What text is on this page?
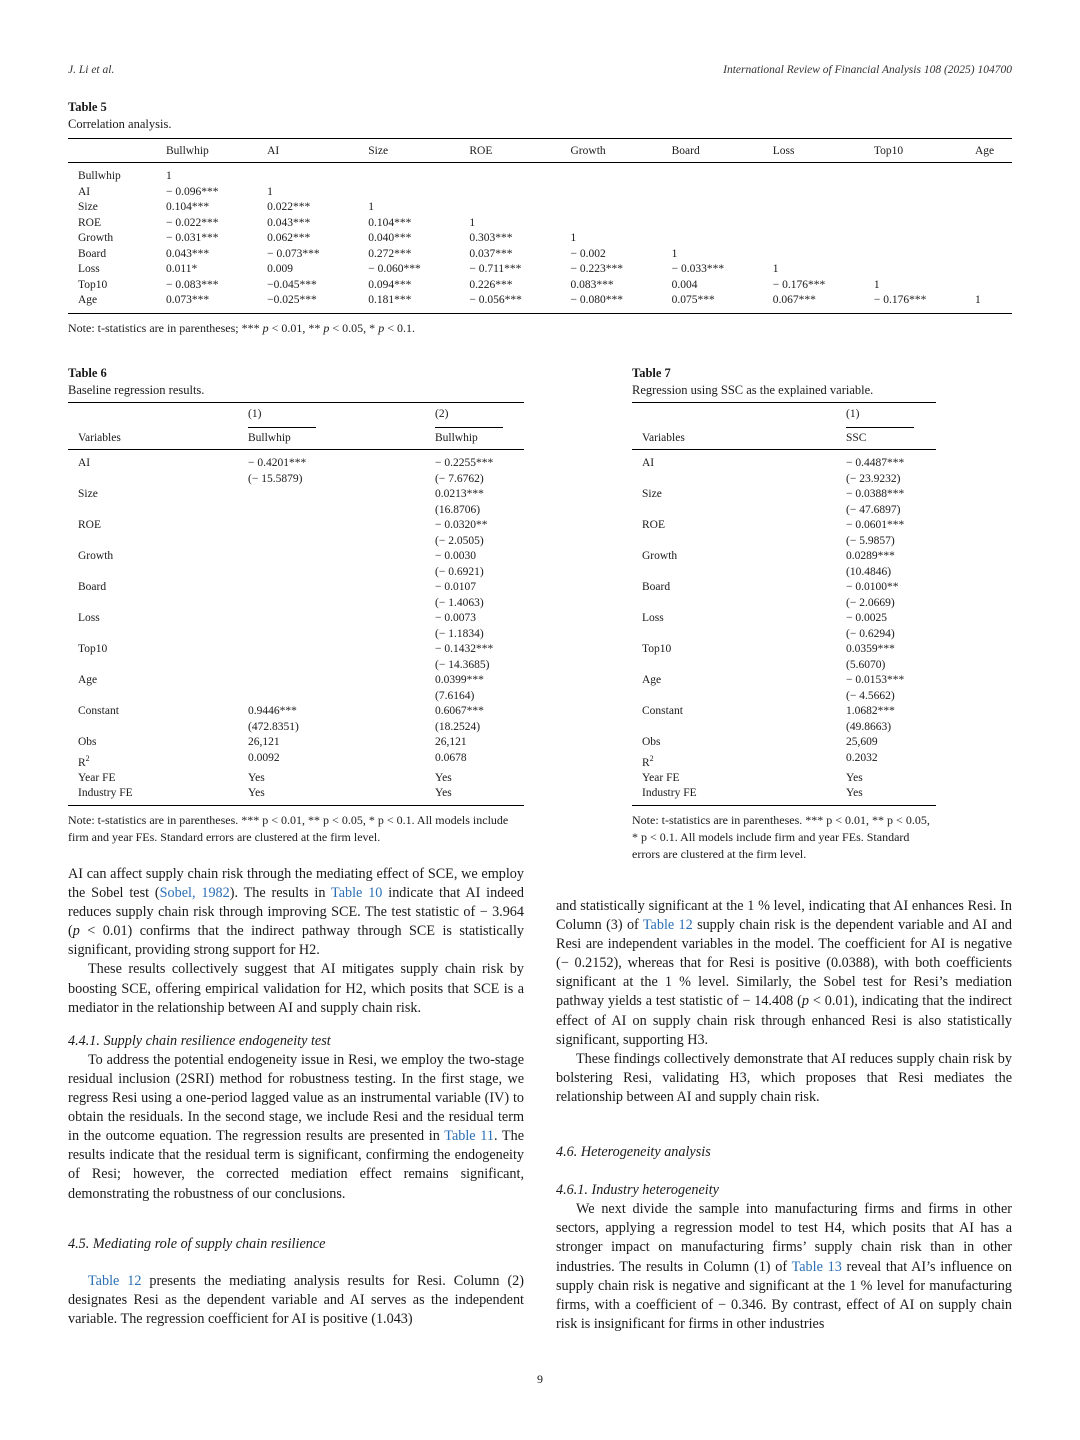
J. Li et al.	International Review of Financial Analysis 108 (2025) 104700
Table 5
Correlation analysis.
	Bullwhip	AI	Size	ROE	Growth	Board	Loss	Top10	Age
Bullwhip	1								
AI	− 0.096***	1							
Size	0.104***	0.022***	1						
ROE	− 0.022***	0.043***	0.104***	1					
Growth	− 0.031***	0.062***	0.040***	0.303***	1				
Board	0.043***	− 0.073***	0.272***	0.037***	− 0.002	1			
Loss	0.011*	0.009	− 0.060***	− 0.711***	− 0.223***	− 0.033***	1		
Top10	− 0.083***	−0.045***	0.094***	0.226***	0.083***	0.004	− 0.176***	1	
Age	0.073***	−0.025***	0.181***	− 0.056***	− 0.080***	0.075***	0.067***	− 0.176***	1
Note: t-statistics are in parentheses; *** p < 0.01, ** p < 0.05, * p < 0.1.
Table 6
Baseline regression results.
	(1)	(2)
Variables	Bullwhip	Bullwhip
AI	− 0.4201***	− 0.2255***
	(− 15.5879)	(− 7.6762)
Size		0.0213***
		(16.8706)
ROE		− 0.0320**
		(− 2.0505)
Growth		− 0.0030
		(− 0.6921)
Board		− 0.0107
		(− 1.4063)
Loss		− 0.0073
		(− 1.1834)
Top10		− 0.1432***
		(− 14.3685)
Age		0.0399***
		(7.6164)
Constant	0.9446***	0.6067***
	(472.8351)	(18.2524)
Obs	26,121	26,121
$R^2$	0.0092	0.0678
Year FE	Yes	Yes
Industry FE	Yes	Yes
Note: t-statistics are in parentheses. *** p < 0.01, ** p < 0.05, * p < 0.1. All models include firm and year FEs. Standard errors are clustered at the firm level.
Table 7
Regression using SSC as the explained variable.
	(1)
Variables	SSC
AI	− 0.4487***
	(− 23.9232)
Size	− 0.0388***
	(− 47.6897)
ROE	− 0.0601***
	(− 5.9857)
Growth	0.0289***
	(10.4846)
Board	− 0.0100**
	(− 2.0669)
Loss	− 0.0025
	(− 0.6294)
Top10	0.0359***
	(5.6070)
Age	− 0.0153***
	(− 4.5662)
Constant	1.0682***
	(49.8663)
Obs	25,609
$R^2$	0.2032
Year FE	Yes
Industry FE	Yes
Note: t-statistics are in parentheses. *** p < 0.01, ** p < 0.05, * p < 0.1. All models include firm and year FEs. Standard errors are clustered at the firm level.

AI can affect supply chain risk through the mediating effect of SCE, we employ the Sobel test (Sobel, 1982). The results in Table 10 indicate that AI indeed reduces supply chain risk through improving SCE. The test statistic of − 3.964 (p < 0.01) confirms that the indirect pathway through SCE is statistically significant, providing strong support for H2.

These results collectively suggest that AI mitigates supply chain risk by boosting SCE, offering empirical validation for H2, which posits that SCE is a mediator in the relationship between AI and supply chain risk.

4.4.1. Supply chain resilience endogeneity test

To address the potential endogeneity issue in Resi, we employ the two-stage residual inclusion (2SRI) method for robustness testing. In the first stage, we regress Resi using a one-period lagged value as an instrumental variable (IV) to obtain the residuals. In the second stage, we include Resi and the residual term in the outcome equation. The regression results are presented in Table 11. The results indicate that the residual term is significant, confirming the endogeneity of Resi; however, the corrected mediation effect remains significant, demonstrating the robustness of our conclusions.

4.5. Mediating role of supply chain resilience

Table 12 presents the mediating analysis results for Resi. Column (2) designates Resi as the dependent variable and AI serves as the independent variable. The regression coefficient for AI is positive (1.043)

and statistically significant at the 1 % level, indicating that AI enhances Resi. In Column (3) of Table 12 supply chain risk is the dependent variable and AI and Resi are independent variables in the model. The coefficient for AI is negative (− 0.2152), whereas that for Resi is positive (0.0388), with both coefficients significant at the 1 % level. Similarly, the Sobel test for Resi’s mediation pathway yields a test statistic of − 14.408 (p < 0.01), indicating that the indirect effect of AI on supply chain risk through enhanced Resi is also statistically significant, supporting H3.

These findings collectively demonstrate that AI reduces supply chain risk by bolstering Resi, validating H3, which proposes that Resi mediates the relationship between AI and supply chain risk.

4.6. Heterogeneity analysis

4.6.1. Industry heterogeneity

We next divide the sample into manufacturing firms and firms in other sectors, applying a regression model to test H4, which posits that AI has a stronger impact on manufacturing firms’ supply chain risk than in other industries. The results in Column (1) of Table 13 reveal that AI’s influence on supply chain risk is negative and significant at the 1 % level for manufacturing firms, with a coefficient of − 0.346. By contrast, effect of AI on supply chain risk is insignificant for firms in other industries

9
